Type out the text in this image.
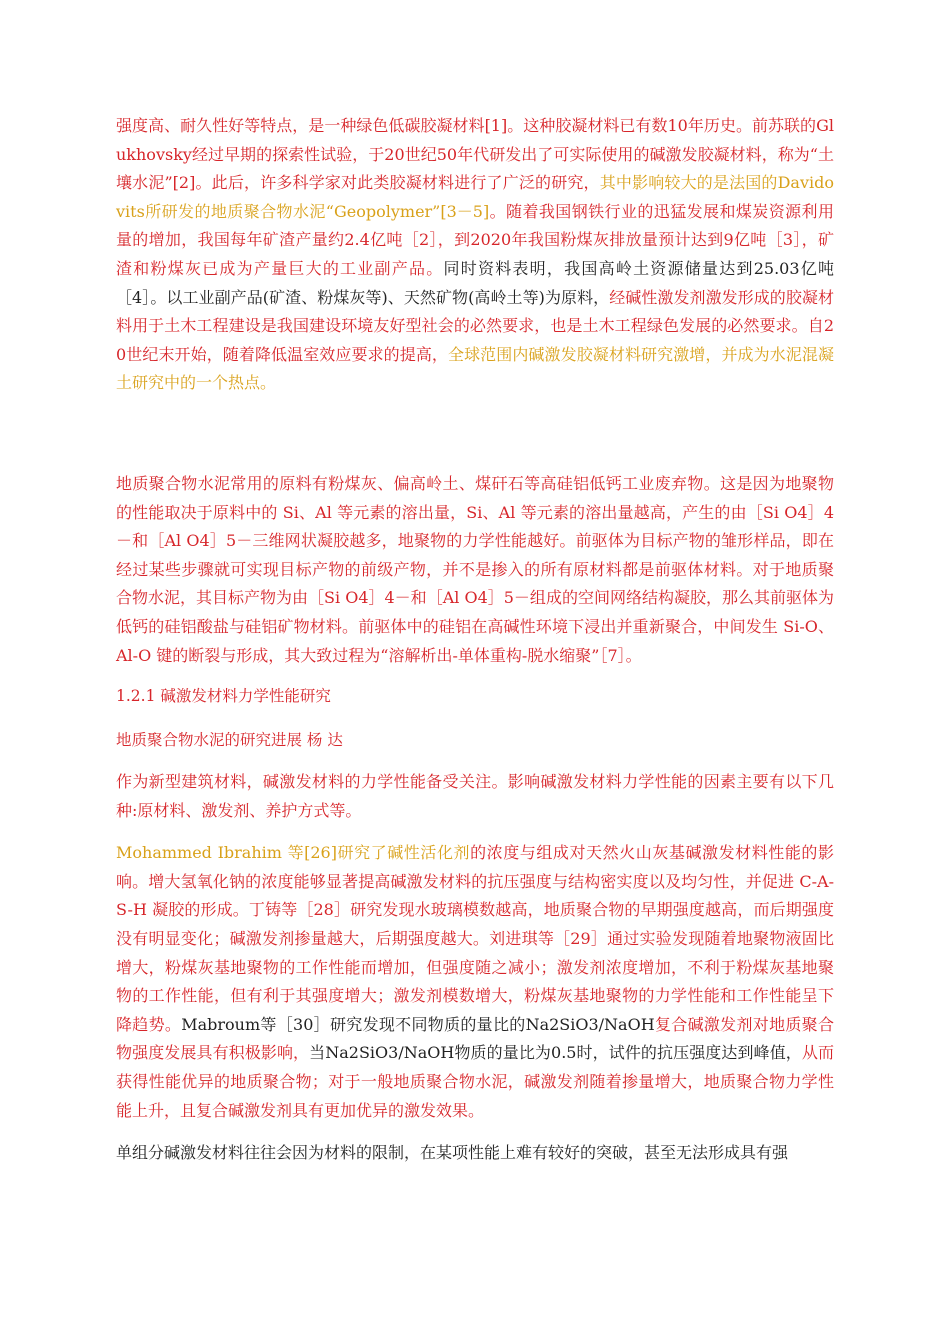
强度高、耐久性好等特点，是一种绿色低碳胶凝材料[1]。这种胶凝材料已有数10年历史。前苏联的Glukhovsky经过早期的探索性试验，于20世纪50年代研发出了可实际使用的碱激发胶凝材料，称为“土壤水泥”[2]。此后，许多科学家对此类胶凝材料进行了广泛的研究，其中影响较大的是法国的Davidovits所研发的地质聚合物水泥“Geopolymer”[3－5]。随着我国钢铁行业的迅猛发展和煤炭资源利用量的增加，我国每年矿渣产量约2.4亿吨［2］，到2020年我国粉煤灰排放量预计达到9亿吨［3］，矿渣和粉煤灰已成为产量巨大的工业副产品。同时资料表明，我国高岭土资源储量达到25.03亿吨［4］。以工业副产品(矿渣、粉煤灰等)、天然矿物(高岭土等)为原料，经碱性激发剂激发形成的胶凝材料用于土木工程建设是我国建设环境友好型社会的必然要求，也是土木工程绿色发展的必然要求。自20世纪末开始，随着降低温室效应要求的提高，全球范围内碱激发胶凝材料研究激增，并成为水泥混凝土研究中的一个热点。

地质聚合物水泥常用的原料有粉煤灰、偏高岭土、煤矸石等高硅铝低钙工业废弃物。这是因为地聚物的性能取决于原料中的 Si、Al 等元素的溶出量，Si、Al 等元素的溶出量越高，产生的由［Si O4］4－和［Al O4］5－三维网状凝胶越多，地聚物的力学性能越好。前驱体为目标产物的雏形样品，即在经过某些步骤就可实现目标产物的前级产物，并不是掺入的所有原材料都是前驱体材料。对于地质聚合物水泥，其目标产物为由［Si O4］4－和［Al O4］5－组成的空间网络结构凝胶，那么其前驱体为低钙的硅铝酸盐与硅铝矿物材料。前驱体中的硅铝在高碱性环境下浸出并重新聚合，中间发生 Si-O、Al-O 键的断裂与形成，其大致过程为“溶解析出-单体重构-脱水缩聚”［7］。

1.2.1 碱激发材料力学性能研究

地质聚合物水泥的研究进展 杨 达

作为新型建筑材料，碱激发材料的力学性能备受关注。影响碱激发材料力学性能的因素主要有以下几种:原材料、激发剂、养护方式等。

Mohammed Ibrahim 等[26]研究了碱性活化剂的浓度与组成对天然火山灰基碱激发材料性能的影响。增大氢氧化钠的浓度能够显著提高碱激发材料的抗压强度与结构密实度以及均匀性，并促进 C-A-S-H 凝胶的形成。丁铸等［28］研究发现水玻璃模数越高，地质聚合物的早期强度越高，而后期强度没有明显变化；碱激发剂掺量越大，后期强度越大。刘进琪等［29］通过实验发现随着地聚物液固比增大，粉煤灰基地聚物的工作性能而增加，但强度随之减小；激发剂浓度增加，不利于粉煤灰基地聚物的工作性能，但有利于其强度增大；激发剂模数增大，粉煤灰基地聚物的力学性能和工作性能呈下降趋势。Mabroum等［30］研究发现不同物质的量比的Na2SiO3/NaOH复合碱激发剂对地质聚合物强度发展具有积极影响，当Na2SiO3/NaOH物质的量比为0.5时，试件的抗压强度达到峰值，从而获得性能优异的地质聚合物；对于一般地质聚合物水泥，碱激发剂随着掺量增大，地质聚合物力学性能上升，且复合碱激发剂具有更加优异的激发效果。

单组分碱激发材料往往会因为材料的限制，在某项性能上难有较好的突破，甚至无法形成具有强
